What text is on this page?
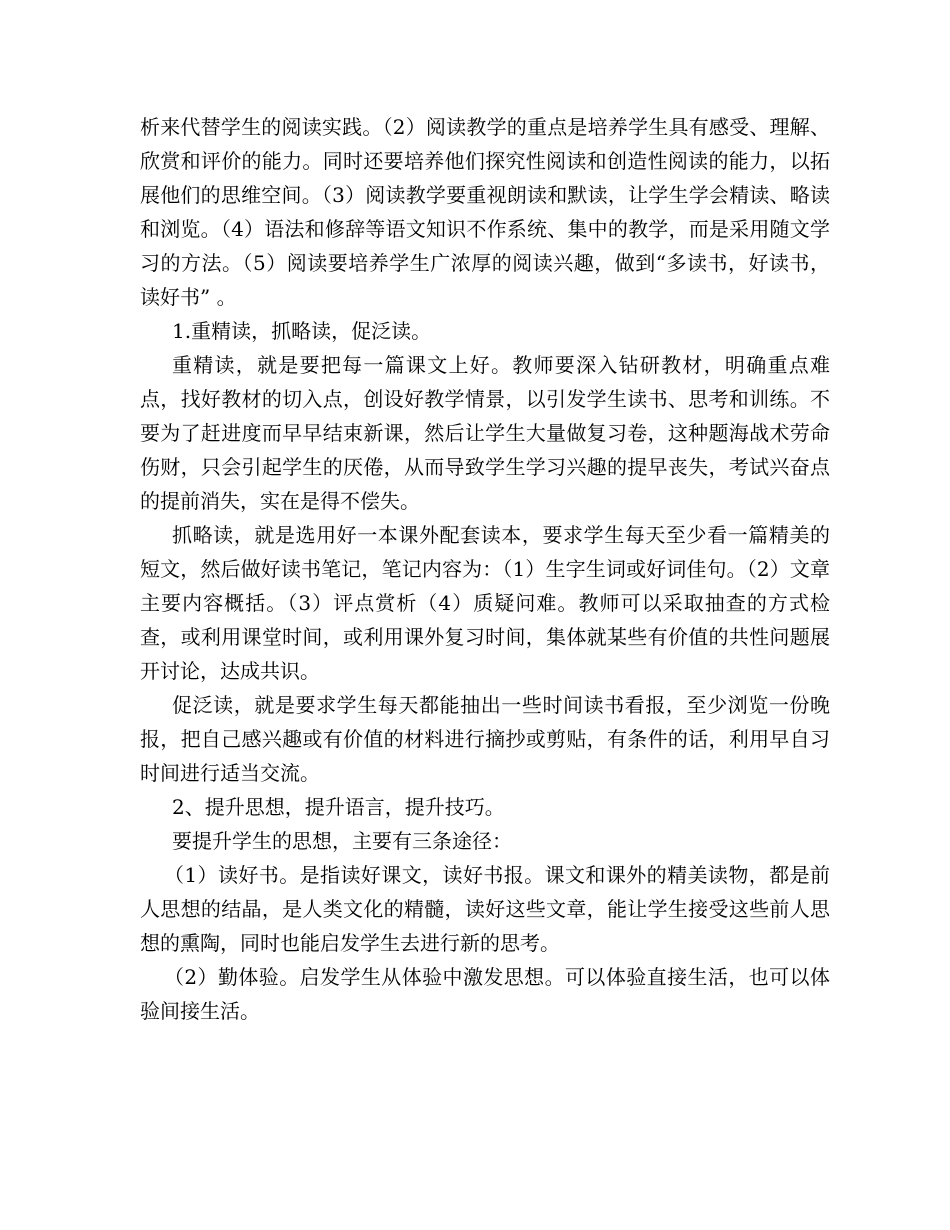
析来代替学生的阅读实践。（2）阅读教学的重点是培养学生具有感受、理解、欣赏和评价的能力。同时还要培养他们探究性阅读和创造性阅读的能力，以拓展他们的思维空间。（3）阅读教学要重视朗读和默读，让学生学会精读、略读和浏览。（4）语法和修辞等语文知识不作系统、集中的教学，而是采用随文学习的方法。（5）阅读要培养学生广浓厚的阅读兴趣，做到“多读书，好读书，读好书” 。

1.重精读，抓略读，促泛读。

重精读，就是要把每一篇课文上好。教师要深入钻研教材，明确重点难点，找好教材的切入点，创设好教学情景，以引发学生读书、思考和训练。不要为了赶进度而早早结束新课，然后让学生大量做复习卷，这种题海战术劳命伤财，只会引起学生的厌倦，从而导致学生学习兴趣的提早丧失，考试兴奋点的提前消失，实在是得不偿失。

抓略读，就是选用好一本课外配套读本，要求学生每天至少看一篇精美的短文，然后做好读书笔记，笔记内容为：（1）生字生词或好词佳句。（2）文章主要内容概括。（3）评点赏析（4）质疑问难。教师可以采取抽查的方式检查，或利用课堂时间，或利用课外复习时间，集体就某些有价值的共性问题展开讨论，达成共识。

促泛读，就是要求学生每天都能抽出一些时间读书看报，至少浏览一份晚报，把自己感兴趣或有价值的材料进行摘抄或剪贴，有条件的话，利用早自习时间进行适当交流。

2、提升思想，提升语言，提升技巧。

要提升学生的思想，主要有三条途径：

（1）读好书。是指读好课文，读好书报。课文和课外的精美读物，都是前人思想的结晶，是人类文化的精髓，读好这些文章，能让学生接受这些前人思想的熏陶，同时也能启发学生去进行新的思考。

（2）勤体验。启发学生从体验中激发思想。可以体验直接生活，也可以体验间接生活。
